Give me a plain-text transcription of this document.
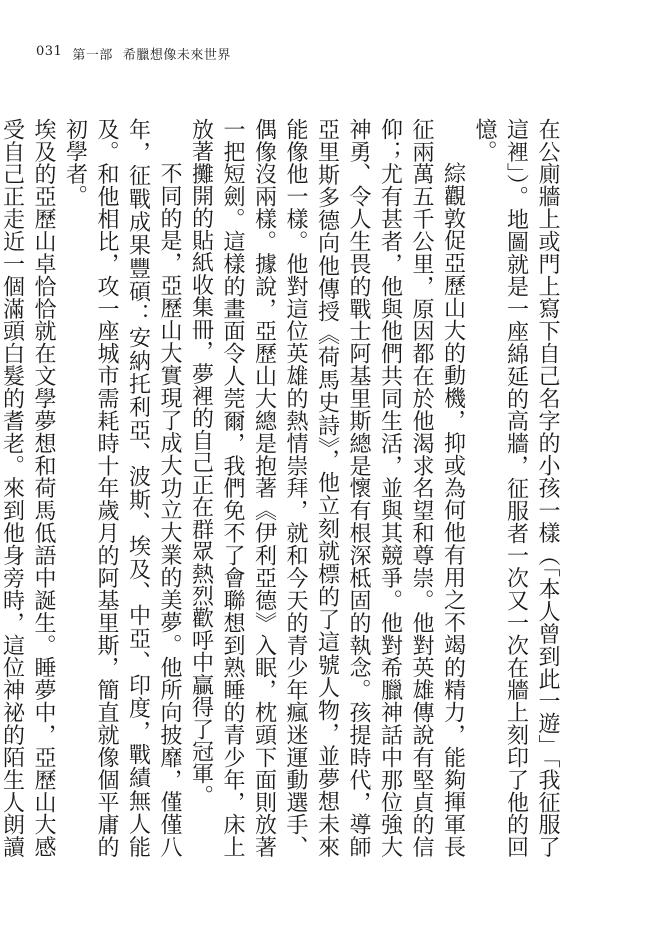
031 第一部 希臘想像未來世界

在公廁牆上或門上寫下自己名字的小孩一樣（「本人曾到此一遊」「我征服了這裡」）。地圖就是一座綿延的高牆，征服者一次又一次在牆上刻印了他的回憶。

綜觀敦促亞歷山大的動機，抑或為何他有用之不竭的精力，能夠揮軍長征兩萬五千公里，原因都在於他渴求名望和尊崇。他對英雄傳說有堅貞的信仰；尤有甚者，他與他們共同生活，並與其競爭。他對希臘神話中那位強大神勇、令人生畏的戰士阿基里斯總是懷有根深柢固的執念。孩提時代，導師亞里斯多德向他傳授《荷馬史詩》，他立刻就標的了這號人物，並夢想未來能像他一樣。他對這位英雄的熱情崇拜，就和今天的青少年瘋迷運動選手、偶像沒兩樣。據說，亞歷山大總是抱著《伊利亞德》入眠，枕頭下面則放著一把短劍。這樣的畫面令人莞爾，我們免不了會聯想到熟睡的青少年，床上放著攤開的貼紙收集冊，夢裡的自己正在群眾熱烈歡呼中贏得了冠軍。

不同的是，亞歷山大實現了成大功立大業的美夢。他所向披靡，僅僅八年，征戰成果豐碩：安納托利亞、波斯、埃及、中亞、印度，戰績無人能及。和他相比，攻一座城市需耗時十年歲月的阿基里斯，簡直就像個平庸的初學者。

埃及的亞歷山卓恰恰就在文學夢想和荷馬低語中誕生。睡夢中，亞歷山大感受自己正走近一個滿頭白髮的耆老。來到他身旁時，這位神祕的陌生人朗讀
